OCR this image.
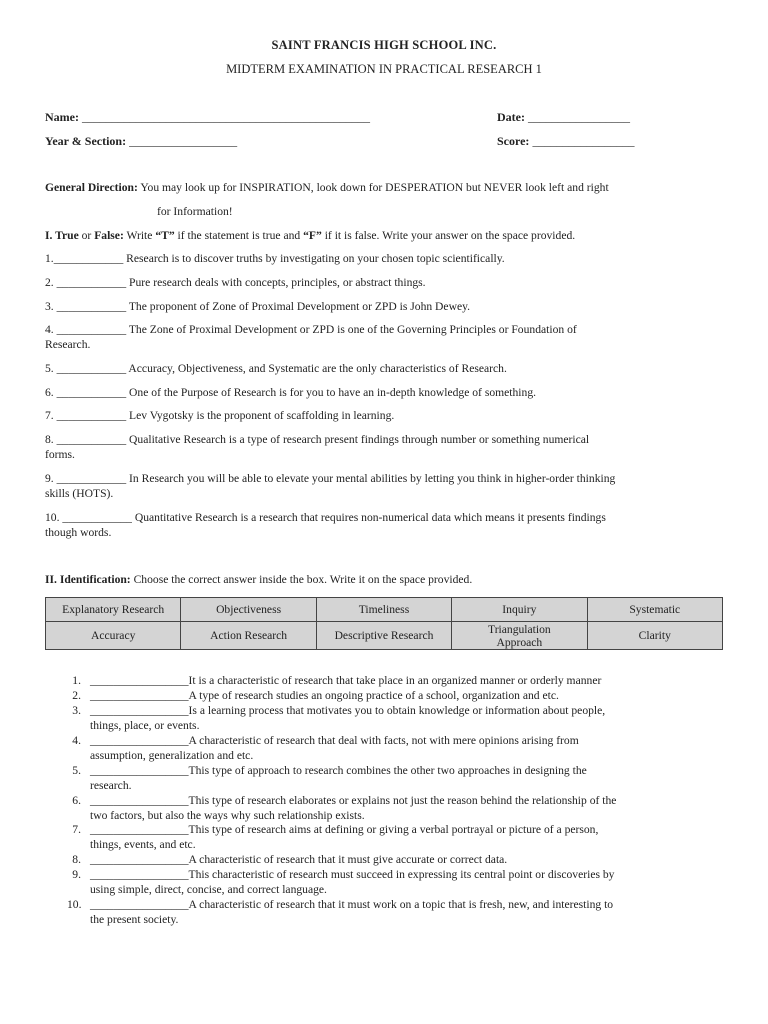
SAINT FRANCIS HIGH SCHOOL INC.
MIDTERM EXAMINATION IN PRACTICAL RESEARCH 1
Name: ________________________________________________	Date: _________________
Year & Section: __________________	Score: _________________
General Direction: You may look up for INSPIRATION, look down for DESPERATION but NEVER look left and right
for Information!
I. True or False: Write “T” if the statement is true and “F” if it is false. Write your answer on the space provided.
1.____________ Research is to discover truths by investigating on your chosen topic scientifically.
2. ____________ Pure research deals with concepts, principles, or abstract things.
3. ____________ The proponent of Zone of Proximal Development or ZPD is John Dewey.
4. ____________ The Zone of Proximal Development or ZPD is one of the Governing Principles or Foundation of
Research.
5. ____________ Accuracy, Objectiveness, and Systematic are the only characteristics of Research.
6. ____________ One of the Purpose of Research is for you to have an in-depth knowledge of something.
7. ____________ Lev Vygotsky is the proponent of scaffolding in learning.
8. ____________ Qualitative Research is a type of research present findings through number or something numerical
forms.
9. ____________ In Research you will be able to elevate your mental abilities by letting you think in higher-order thinking
skills (HOTS).
10. ____________ Quantitative Research is a research that requires non-numerical data which means it presents findings
though words.
II. Identification: Choose the correct answer inside the box. Write it on the space provided.
Explanatory Research	Objectiveness	Timeliness	Inquiry	Systematic
Accuracy	Action Research	Descriptive Research	Triangulation Approach	Clarity
1. _________________It is a characteristic of research that take place in an organized manner or orderly manner
2. _________________A type of research studies an ongoing practice of a school, organization and etc.
3. _________________Is a learning process that motivates you to obtain knowledge or information about people,
things, place, or events.
4. _________________A characteristic of research that deal with facts, not with mere opinions arising from
assumption, generalization and etc.
5. _________________This type of approach to research combines the other two approaches in designing the
research.
6. _________________This type of research elaborates or explains not just the reason behind the relationship of the
two factors, but also the ways why such relationship exists.
7. _________________This type of research aims at defining or giving a verbal portrayal or picture of a person,
things, events, and etc.
8. _________________A characteristic of research that it must give accurate or correct data.
9. _________________This characteristic of research must succeed in expressing its central point or discoveries by
using simple, direct, concise, and correct language.
10. _________________A characteristic of research that it must work on a topic that is fresh, new, and interesting to
the present society.
